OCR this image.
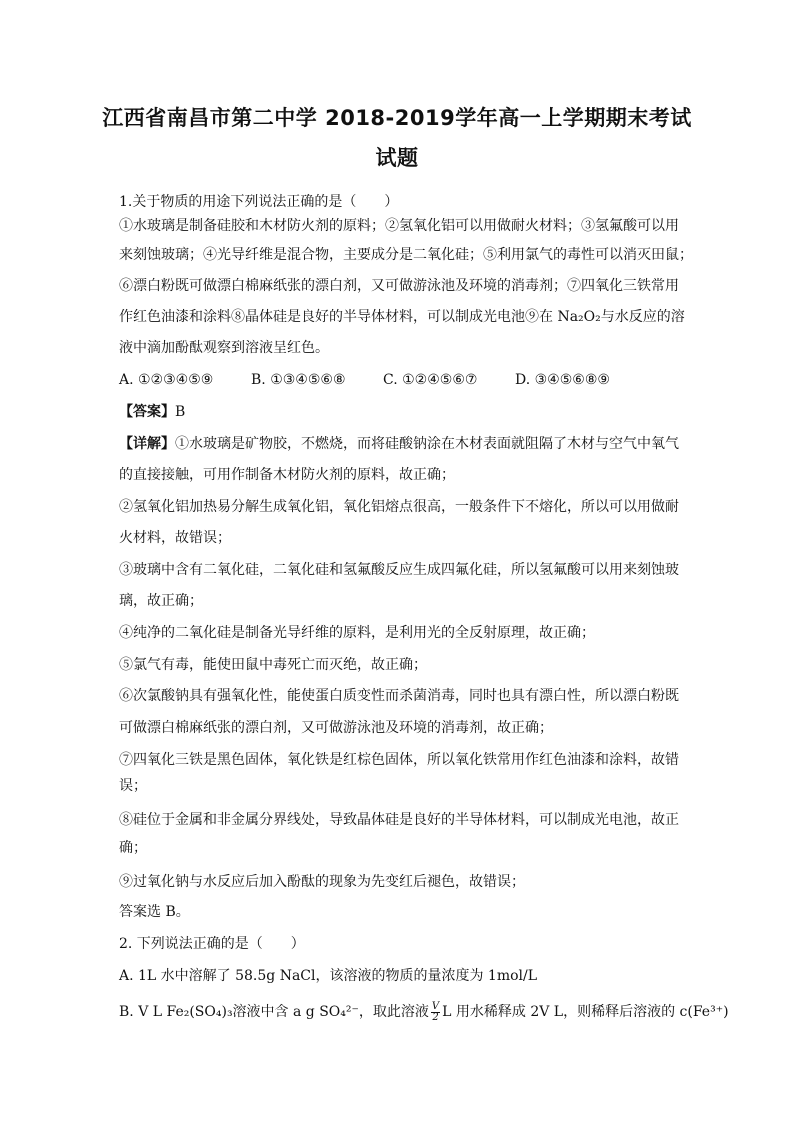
江西省南昌市第二中学 2018-2019学年高一上学期期末考试
试题
1.关于物质的用途下列说法正确的是（　　）
①水玻璃是制备硅胶和木材防火剂的原料；②氢氧化铝可以用做耐火材料；③氢氟酸可以用
来刻蚀玻璃；④光导纤维是混合物，主要成分是二氧化硅；⑤利用氯气的毒性可以消灭田鼠；
⑥漂白粉既可做漂白棉麻纸张的漂白剂，又可做游泳池及环境的消毒剂；⑦四氧化三铁常用
作红色油漆和涂料⑧晶体硅是良好的半导体材料，可以制成光电池⑨在 Na₂O₂与水反应的溶
液中滴加酚酞观察到溶液呈红色。
A. ①②③④⑤⑨	B. ①③④⑤⑥⑧	C. ①②④⑤⑥⑦	D. ③④⑤⑥⑧⑨
【答案】B
【详解】①水玻璃是矿物胶，不燃烧，而将硅酸钠涂在木材表面就阻隔了木材与空气中氧气
的直接接触，可用作制备木材防火剂的原料，故正确；
②氢氧化铝加热易分解生成氧化铝，氧化铝熔点很高，一般条件下不熔化，所以可以用做耐
火材料，故错误；
③玻璃中含有二氧化硅，二氧化硅和氢氟酸反应生成四氟化硅，所以氢氟酸可以用来刻蚀玻
璃，故正确；
④纯净的二氧化硅是制备光导纤维的原料，是利用光的全反射原理，故正确；
⑤氯气有毒，能使田鼠中毒死亡而灭绝，故正确；
⑥次氯酸钠具有强氧化性，能使蛋白质变性而杀菌消毒，同时也具有漂白性，所以漂白粉既
可做漂白棉麻纸张的漂白剂，又可做游泳池及环境的消毒剂，故正确；
⑦四氧化三铁是黑色固体，氧化铁是红棕色固体，所以氧化铁常用作红色油漆和涂料，故错
误；
⑧硅位于金属和非金属分界线处，导致晶体硅是良好的半导体材料，可以制成光电池，故正
确；
⑨过氧化钠与水反应后加入酚酞的现象为先变红后褪色，故错误；
答案选 B。
2. 下列说法正确的是（　　）
A. 1L 水中溶解了 58.5g NaCl，该溶液的物质的量浓度为 1mol/L
B. V L Fe₂(SO₄)₃溶液中含 a g SO₄²⁻，取此溶液 $\frac{V}{2}$ L 用水稀释成 2V L，则稀释后溶液的 c(Fe³⁺)
